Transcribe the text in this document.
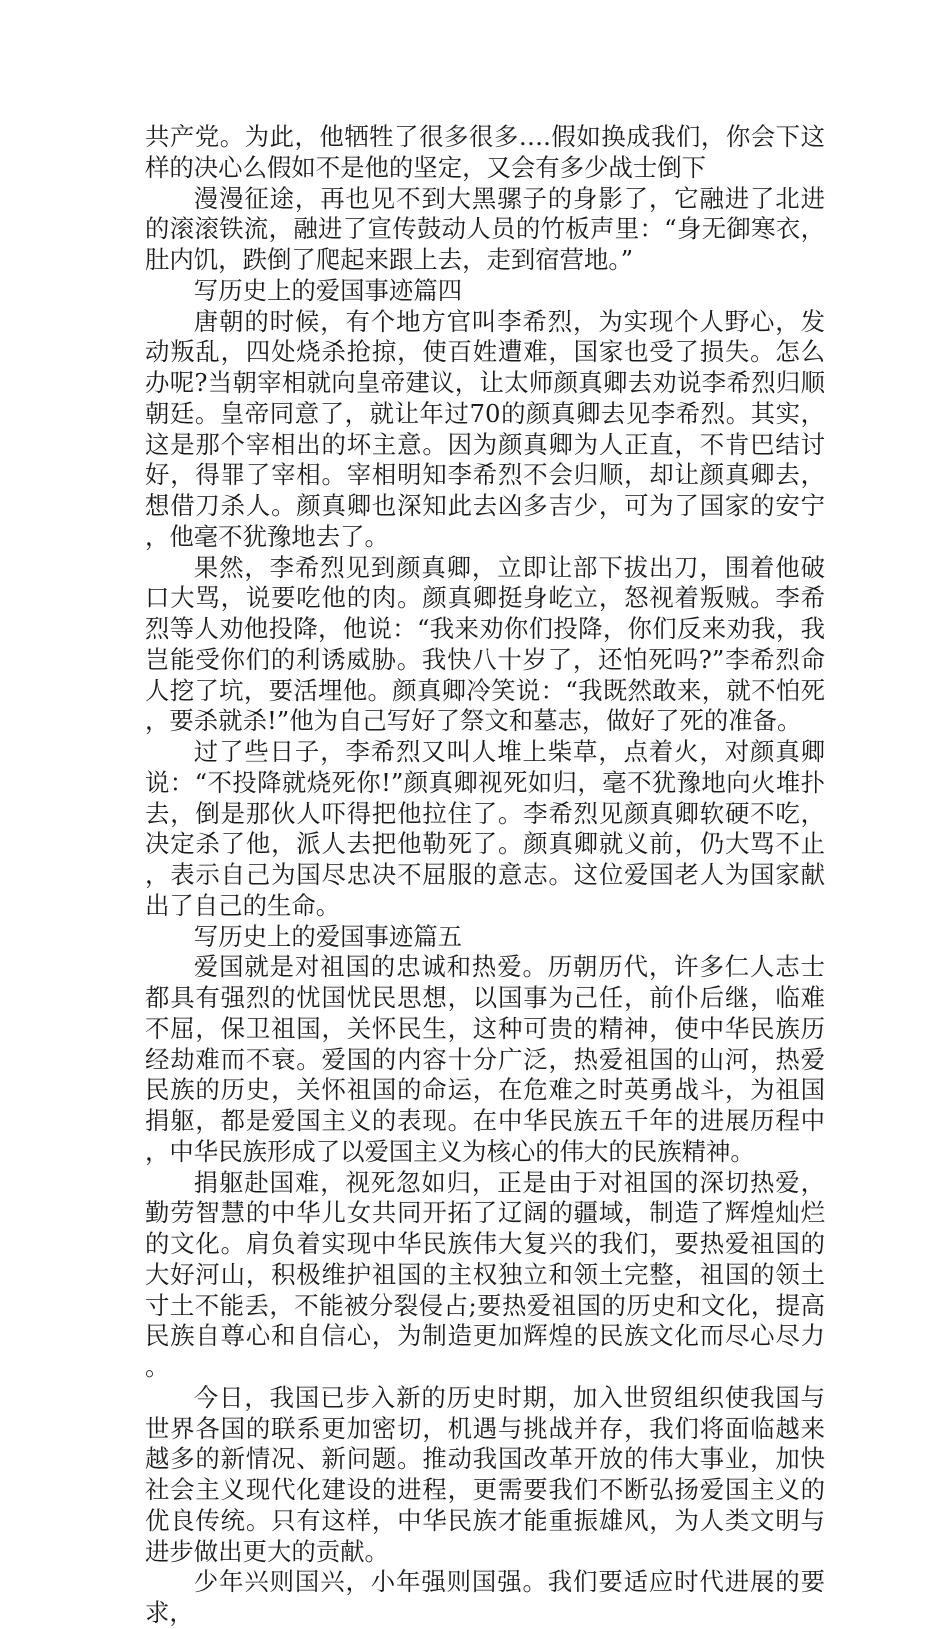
共产党。为此，他牺牲了很多很多….假如换成我们，你会下这样的决心么假如不是他的坚定，又会有多少战士倒下

漫漫征途，再也见不到大黑骡子的身影了，它融进了北进的滚滚铁流，融进了宣传鼓动人员的竹板声里：“身无御寒衣，肚内饥，跌倒了爬起来跟上去，走到宿营地。”

写历史上的爱国事迹篇四

唐朝的时候，有个地方官叫李希烈，为实现个人野心，发动叛乱，四处烧杀抢掠，使百姓遭难，国家也受了损失。怎么办呢?当朝宰相就向皇帝建议，让太师颜真卿去劝说李希烈归顺朝廷。皇帝同意了，就让年过70的颜真卿去见李希烈。其实，这是那个宰相出的坏主意。因为颜真卿为人正直，不肯巴结讨好，得罪了宰相。宰相明知李希烈不会归顺，却让颜真卿去，想借刀杀人。颜真卿也深知此去凶多吉少，可为了国家的安宁，他毫不犹豫地去了。

果然，李希烈见到颜真卿，立即让部下拔出刀，围着他破口大骂，说要吃他的肉。颜真卿挺身屹立，怒视着叛贼。李希烈等人劝他投降，他说：“我来劝你们投降，你们反来劝我，我岂能受你们的利诱威胁。我快八十岁了，还怕死吗?”李希烈命人挖了坑，要活埋他。颜真卿冷笑说：“我既然敢来，就不怕死，要杀就杀!”他为自己写好了祭文和墓志，做好了死的准备。

过了些日子，李希烈又叫人堆上柴草，点着火，对颜真卿说：“不投降就烧死你!”颜真卿视死如归，毫不犹豫地向火堆扑去，倒是那伙人吓得把他拉住了。李希烈见颜真卿软硬不吃，决定杀了他，派人去把他勒死了。颜真卿就义前，仍大骂不止，表示自己为国尽忠决不屈服的意志。这位爱国老人为国家献出了自己的生命。

写历史上的爱国事迹篇五

爱国就是对祖国的忠诚和热爱。历朝历代，许多仁人志士都具有强烈的忧国忧民思想，以国事为己任，前仆后继，临难不屈，保卫祖国，关怀民生，这种可贵的精神，使中华民族历经劫难而不衰。爱国的内容十分广泛，热爱祖国的山河，热爱民族的历史，关怀祖国的命运，在危难之时英勇战斗，为祖国捐躯，都是爱国主义的表现。在中华民族五千年的进展历程中，中华民族形成了以爱国主义为核心的伟大的民族精神。

捐躯赴国难，视死忽如归，正是由于对祖国的深切热爱，勤劳智慧的中华儿女共同开拓了辽阔的疆域，制造了辉煌灿烂的文化。肩负着实现中华民族伟大复兴的我们，要热爱祖国的大好河山，积极维护祖国的主权独立和领土完整，祖国的领土寸土不能丢，不能被分裂侵占;要热爱祖国的历史和文化，提高民族自尊心和自信心，为制造更加辉煌的民族文化而尽心尽力。

今日，我国已步入新的历史时期，加入世贸组织使我国与世界各国的联系更加密切，机遇与挑战并存，我们将面临越来越多的新情况、新问题。推动我国改革开放的伟大事业，加快社会主义现代化建设的进程，更需要我们不断弘扬爱国主义的优良传统。只有这样，中华民族才能重振雄风，为人类文明与进步做出更大的贡献。

少年兴则国兴，小年强则国强。我们要适应时代进展的要求，
